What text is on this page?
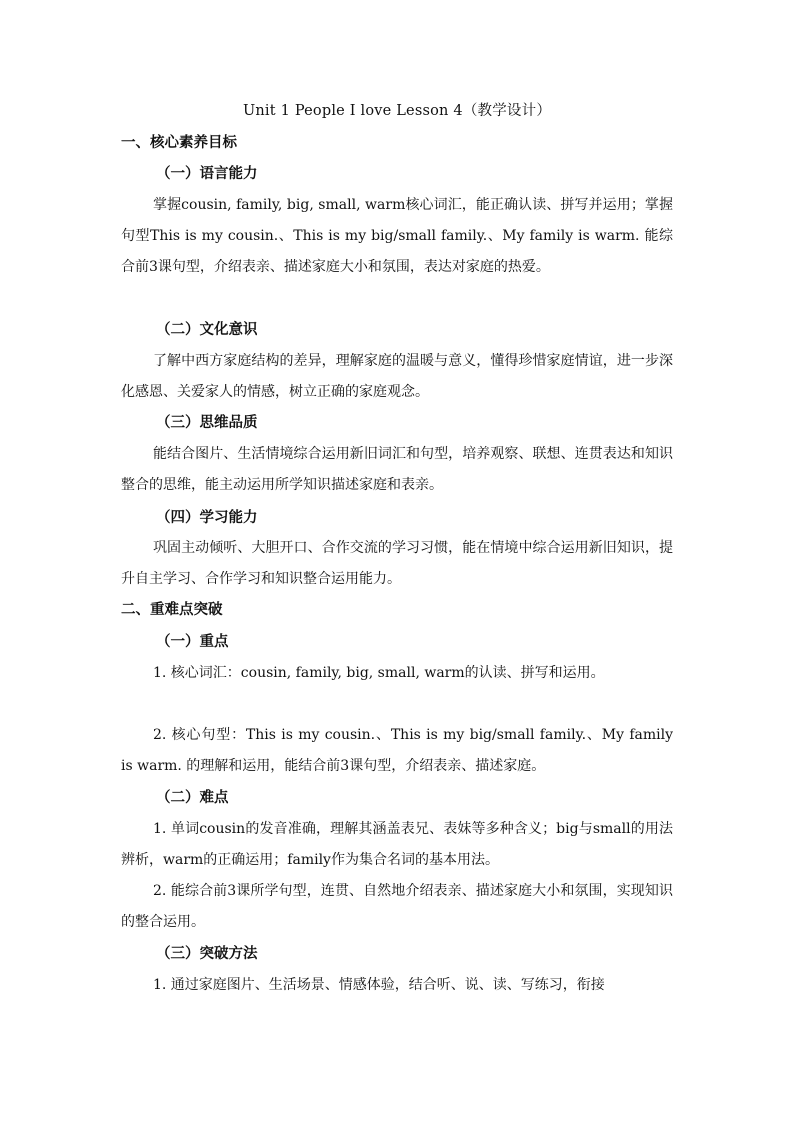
Unit 1 People I love Lesson 4（教学设计）
一、核心素养目标
（一）语言能力

掌握cousin, family, big, small, warm核心词汇，能正确认读、拼写并运用；掌握句型This is my cousin.、This is my big/small family.、My family is warm. 能综合前3课句型，介绍表亲、描述家庭大小和氛围，表达对家庭的热爱。

（二）文化意识

了解中西方家庭结构的差异，理解家庭的温暖与意义，懂得珍惜家庭情谊，进一步深化感恩、关爱家人的情感，树立正确的家庭观念。

（三）思维品质

能结合图片、生活情境综合运用新旧词汇和句型，培养观察、联想、连贯表达和知识整合的思维，能主动运用所学知识描述家庭和表亲。

（四）学习能力

巩固主动倾听、大胆开口、合作交流的学习习惯，能在情境中综合运用新旧知识，提升自主学习、合作学习和知识整合运用能力。

二、重难点突破
（一）重点

1. 核心词汇：cousin, family, big, small, warm的认读、拼写和运用。

2. 核心句型：This is my cousin.、This is my big/small family.、My family is warm. 的理解和运用，能结合前3课句型，介绍表亲、描述家庭。

（二）难点

1. 单词cousin的发音准确，理解其涵盖表兄、表妹等多种含义；big与small的用法辨析，warm的正确运用；family作为集合名词的基本用法。

2. 能综合前3课所学句型，连贯、自然地介绍表亲、描述家庭大小和氛围，实现知识的整合运用。

（三）突破方法

1. 通过家庭图片、生活场景、情感体验，结合听、说、读、写练习，衔接
